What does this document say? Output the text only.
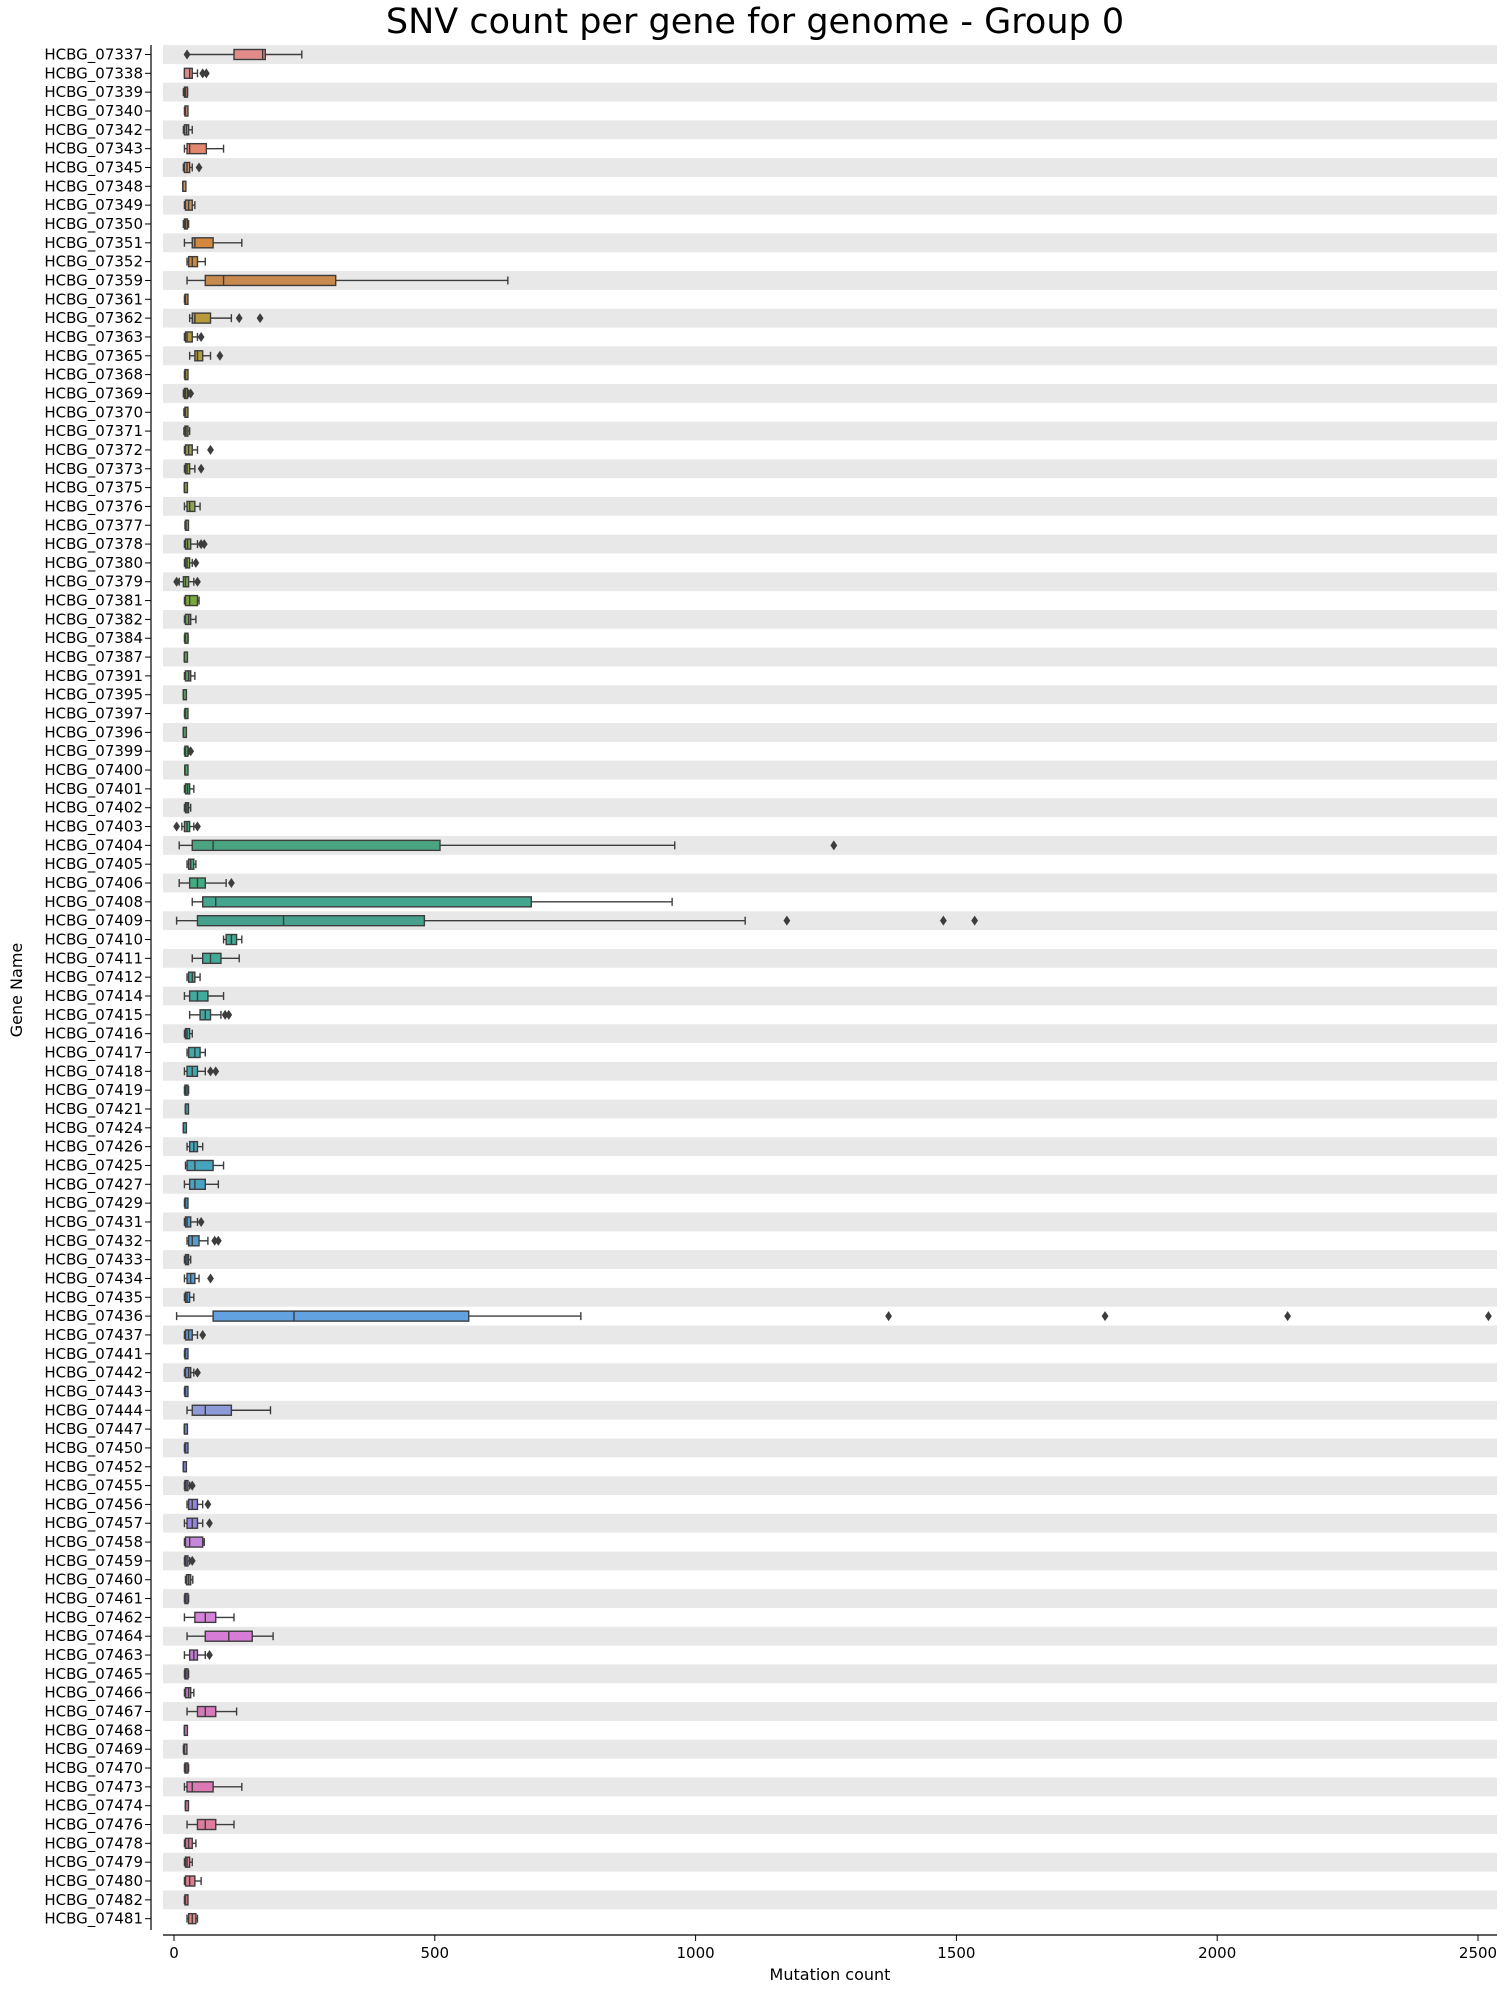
SNV count per gene for genome - Group 0
HCBG_07337
HCBG_07338
HCBG_07339
HCBG_07340
HCBG_07342
HCBG_07343
HCBG_07345
HCBG_07348
HCBG_07349
HCBG_07350
HCBG_07351
HCBG_07352
HCBG_07359
HCBG_07361
HCBG_07362
HCBG_07363
HCBG_07365
HCBG_07368
HCBG_07369
HCBG_07370
HCBG_07371
HCBG_07372
HCBG_07373
HCBG_07375
HCBG_07376
HCBG_07377
HCBG_07378
HCBG_07380
HCBG_07379
HCBG_07381
HCBG_07382
HCBG_07384
HCBG_07387
HCBG_07391
HCBG_07395
HCBG_07397
HCBG_07396
HCBG_07399
HCBG_07400
HCBG_07401
HCBG_07402
HCBG_07403
HCBG_07404
HCBG_07405
HCBG_07406
HCBG_07408
HCBG_07409
HCBG_07410
HCBG_07411
HCBG_07412
HCBG_07414
HCBG_07415
HCBG_07416
HCBG_07417
HCBG_07418
HCBG_07419
HCBG_07421
HCBG_07424
HCBG_07426
HCBG_07425
HCBG_07427
HCBG_07429
HCBG_07431
HCBG_07432
HCBG_07433
HCBG_07434
HCBG_07435
HCBG_07436
HCBG_07437
HCBG_07441
HCBG_07442
HCBG_07443
HCBG_07444
HCBG_07447
HCBG_07450
HCBG_07452
HCBG_07455
HCBG_07456
HCBG_07457
HCBG_07458
HCBG_07459
HCBG_07460
HCBG_07461
HCBG_07462
HCBG_07464
HCBG_07463
HCBG_07465
HCBG_07466
HCBG_07467
HCBG_07468
HCBG_07469
HCBG_07470
HCBG_07473
HCBG_07474
HCBG_07476
HCBG_07478
HCBG_07479
HCBG_07480
HCBG_07482
HCBG_07481
0	500	1000	1500	2000	2500
Mutation count
Gene Name
